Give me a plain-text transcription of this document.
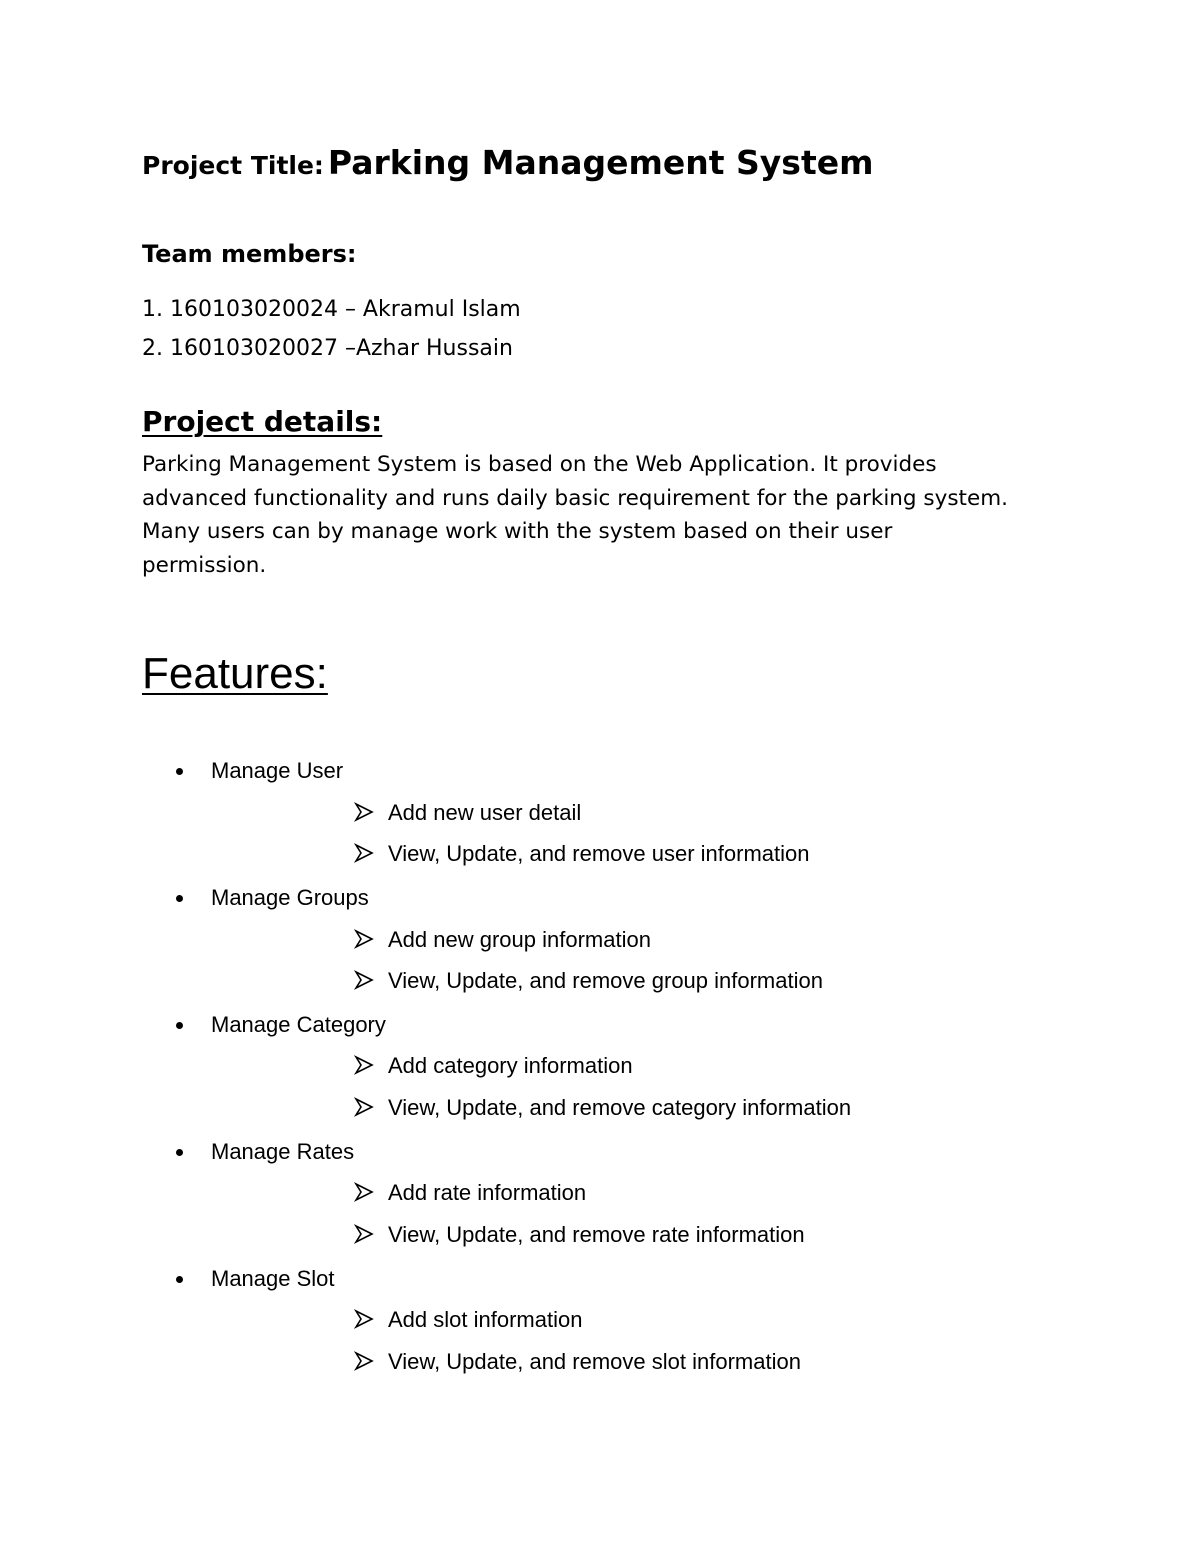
Project Title: Parking Management System
Team members:
1. 160103020024 – Akramul Islam
2. 160103020027 –Azhar Hussain
Project details:

Parking Management System is based on the Web Application. It provides
advanced functionality and runs daily basic requirement for the parking system.
Many users can by manage work with the system based on their user
permission.

Features:
Manage User
Add new user detail
View, Update, and remove user information
Manage Groups
Add new group information
View, Update, and remove group information
Manage Category
Add category information
View, Update, and remove category information
Manage Rates
Add rate information
View, Update, and remove rate information
Manage Slot
Add slot information
View, Update, and remove slot information
